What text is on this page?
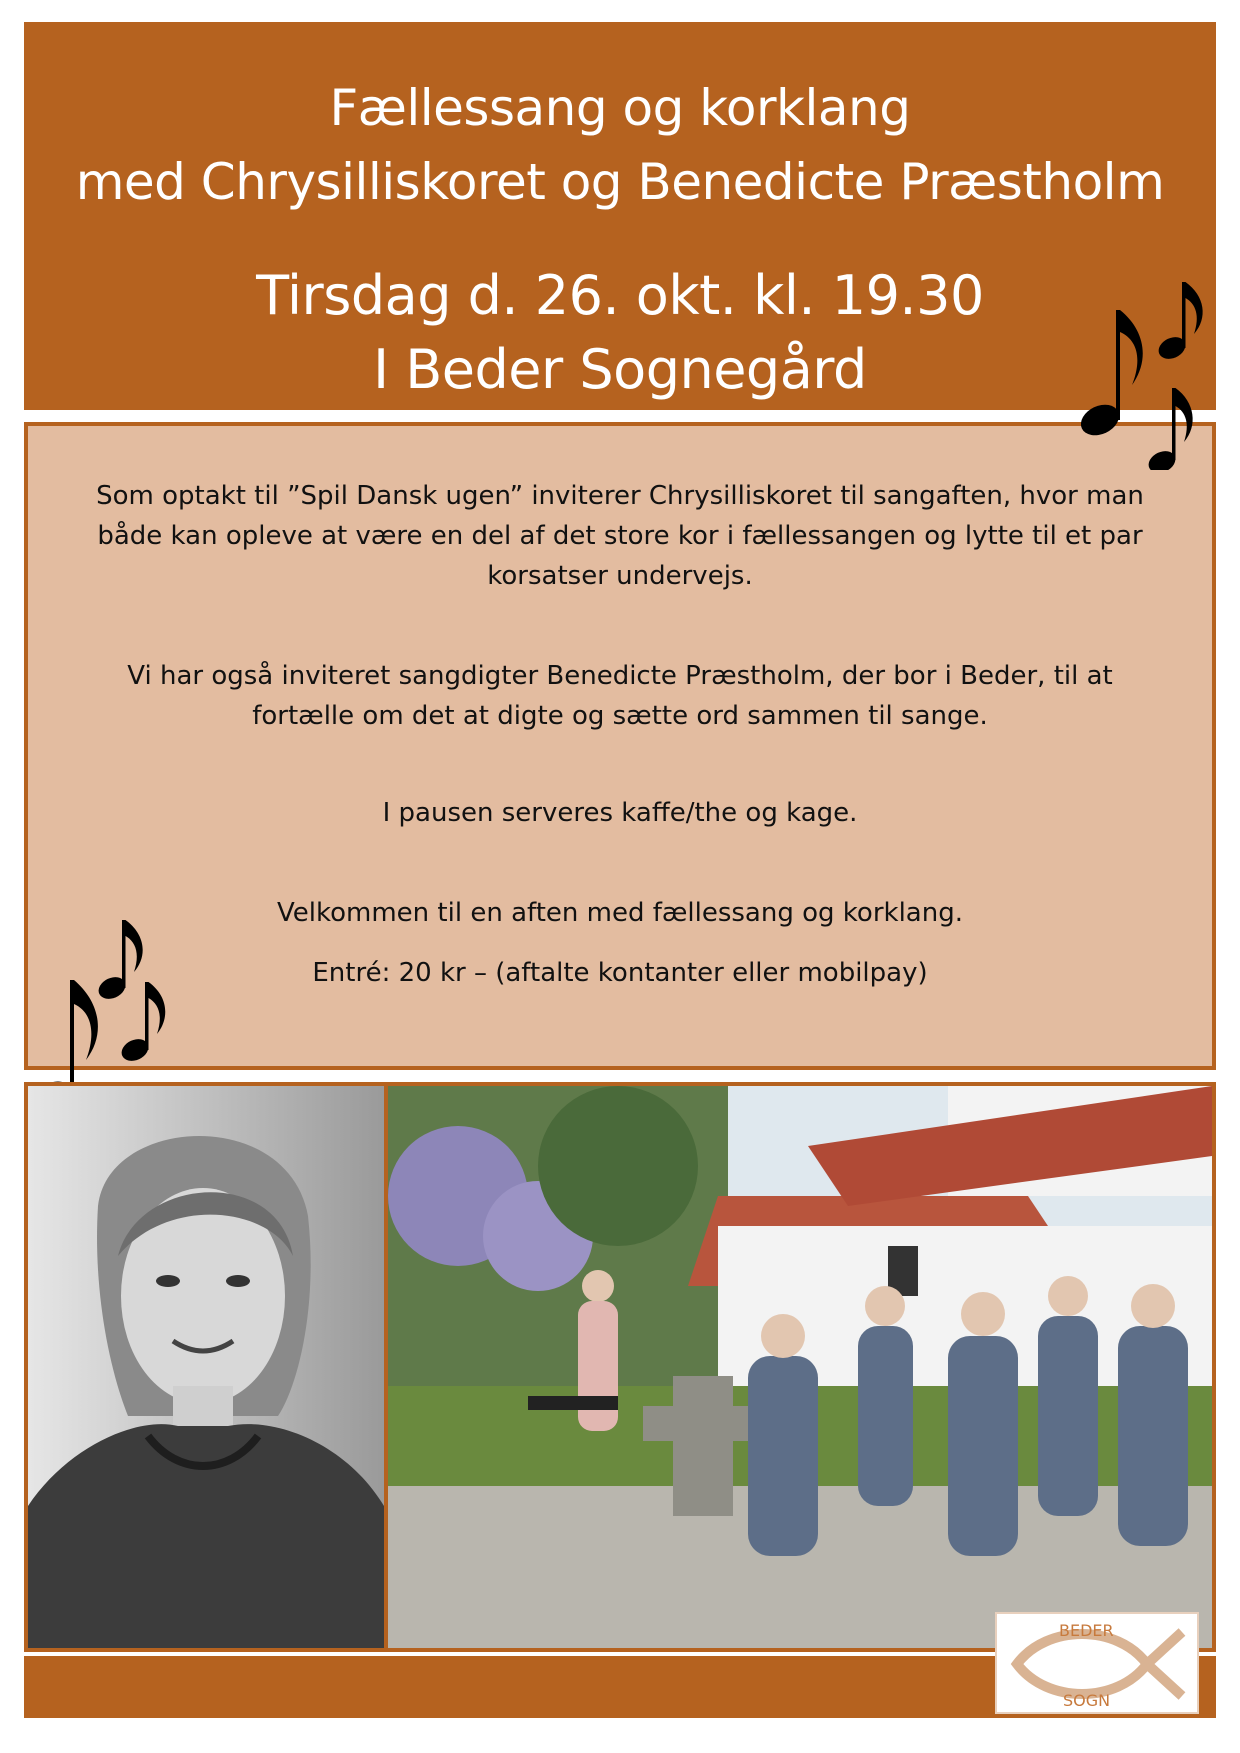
Fællessang og korklang
med Chrysilliskoret og Benedicte Præstholm
Tirsdag d. 26. okt. kl. 19.30
I Beder Sognegård

Som optakt til ”Spil Dansk ugen” inviterer Chrysilliskoret til sangaften, hvor man både kan opleve at være en del af det store kor i fællessangen og lytte til et par korsatser undervejs.

Vi har også inviteret sangdigter Benedicte Præstholm, der bor i Beder, til at fortælle om det at digte og sætte ord sammen til sange.

I pausen serveres kaffe/the og kage.

Velkommen til en aften med fællessang og korklang.

Entré: 20 kr – (aftalte kontanter eller mobilpay)

BEDER
SOGN
